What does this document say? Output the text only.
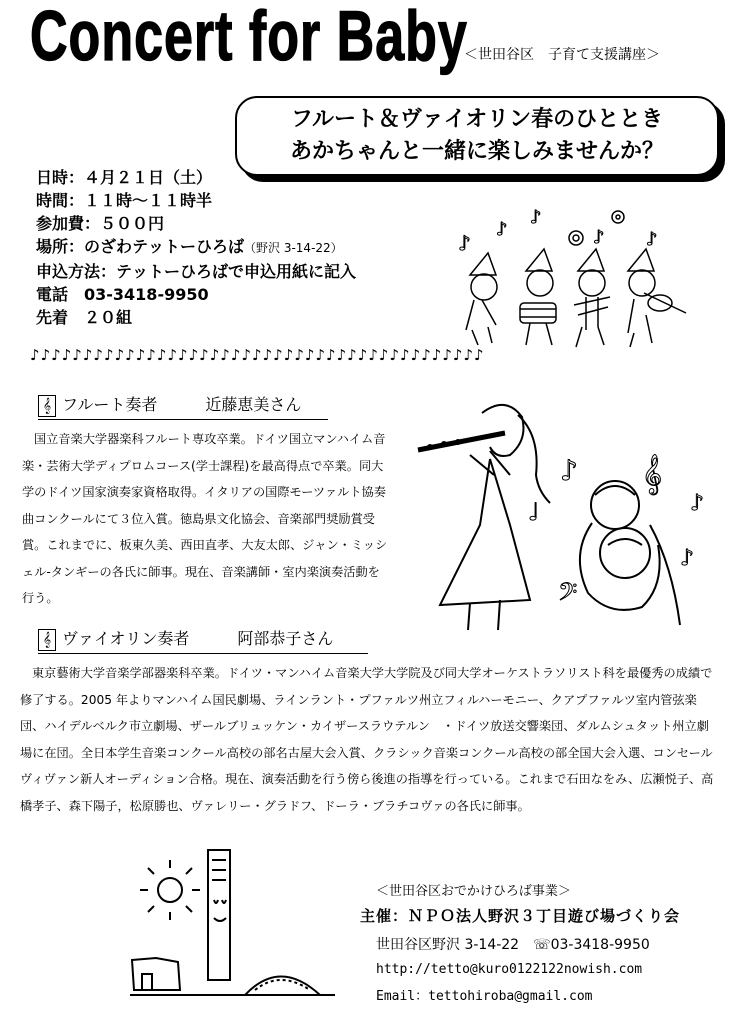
Concert for Baby
＜世田谷区　子育て支援講座＞
フルート＆ヴァイオリン春のひととき
あかちゃんと一緒に楽しみませんか？
日時：４月２１日（土）
時間：１１時〜１１時半
参加費：５００円
場所：のざわテットーひろば（野沢 3-14-22）
申込方法：テットーひろばで申込用紙に記入
電話　03-3418-9950
先着　２０組
♪
♪
♪
♪ ♪
♪♪♪♪♪♪♪♪♪♪♪♪♪♪♪♪♪♪♪♪♪♪♪♪♪♪♪♪♪♪♪♪♪♪♪♪♪♪♪♪♪♪♪
𝄞 フルート奏者　　　近藤恵美さん
国立音楽大学器楽科フルート専攻卒業。ドイツ国立マンハイム音楽・芸術大学ディプロムコース(学士課程)を最高得点で卒業。同大学のドイツ国家演奏家資格取得。イタリアの国際モーツァルト協奏曲コンクールにて３位入賞。徳島県文化協会、音楽部門奨励賞受賞。これまでに、板東久美、西田直孝、大友太郎、ジャン・ミッシェル-タンギーの各氏に師事。現在、音楽講師・室内楽演奏活動を行う。
♪
♩
𝄞
♪
♪
𝄢
𝄞 ヴァイオリン奏者　　　阿部恭子さん
東京藝術大学音楽学部器楽科卒業。ドイツ・マンハイム音楽大学大学院及び同大学オーケストラソリスト科を最優秀の成績で修了する。2005 年よりマンハイム国民劇場、ラインラント・プファルツ州立フィルハーモニー、クアプファルツ室内管弦楽団、ハイデルベルク市立劇場、ザールブリュッケン・カイザースラウテルン　・ドイツ放送交響楽団、ダルムシュタット州立劇場に在団。全日本学生音楽コンクール高校の部名古屋大会入賞、クラシック音楽コンクール高校の部全国大会入選、コンセールヴィヴァン新人オーディション合格。現在、演奏活動を行う傍ら後進の指導を行っている。これまで石田なをみ、広瀬悦子、高橋孝子、森下陽子，松原勝也、ヴァレリー・グラドフ、ドーラ・ブラチコヴァの各氏に師事。
＜世田谷区おでかけひろば事業＞
主催：ＮＰＯ法人野沢３丁目遊び場づくり会
世田谷区野沢 3-14-22　☏03-3418-9950
http://tetto@kuro0122122nowish.com
Email：tettohiroba@gmail.com
